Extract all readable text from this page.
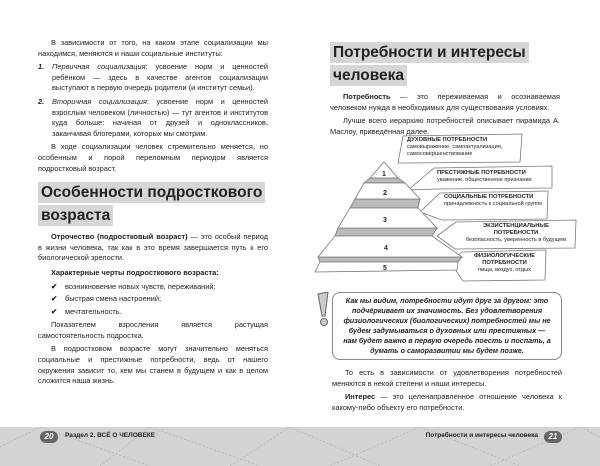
В зависимости от того, на каком этапе социализации мы находимся, меняются и наши социальные институты:
1. Первичная социализация: усвоение норм и ценностей ребёнком — здесь в качестве агентов социализации выступают в первую очередь родители (и институт семьи).
2. Вторичная социализация: усвоение норм и ценностей взрослым человеком (личностью) — тут агентов и институтов куда больше: начиная от друзей и одноклассников, заканчивая блогерами, которых мы смотрим.
В ходе социализации человек стремительно меняется, но особенным и порой переломным периодом является подростковый возраст.
Особенности подросткового
возраста
Отрочество (подростковый возраст) — это особый период в жизни человека, так как в это время завершается путь к его биологической зрелости.
Характерные черты подросткового возраста:
✔ возникновение новых чувств, переживаний;
✔ быстрая смена настроений;
✔ мечтательность.
Показателем взросления является растущая самостоятельность подростка.
В подростковом возрасте могут значительно меняться социальные и престижные потребности, ведь от нашего окружения зависит то, кем мы станем в будущем и как в целом сложится наша жизнь.
Потребности и интересы
человека
Потребность — это переживаемая и осознаваемая человеком нужда в необходимых для существования условиях.
Лучше всего иерархию потребностей описывает пирамида А. Маслоу, приведённая далее.
1
2
3
4
5
ДУХОВНЫЕ ПОТРЕБНОСТИ
самовыражение, самоактуализация, самосовершенствование
ПРЕСТИЖНЫЕ ПОТРЕБНОСТИ
уважение, общественное признание
СОЦИАЛЬНЫЕ ПОТРЕБНОСТИ
принадлежность к социальной группе
ЭКЗИСТЕНЦИАЛЬНЫЕ ПОТРЕБНОСТИ
безопасность, уверенность в будущем
ФИЗИОЛОГИЧЕСКИЕ ПОТРЕБНОСТИ
пища, воздух, отдых
Как мы видим, потребности идут друг за другом: это подчёркивает их значимость. Без удовлетворения физиологических (биологических) потребностей мы не будем задумываться о духовных или престижных — нам будет важно в первую очередь поесть и поспать, а думать о саморазвитии мы будем позже.
То есть в зависимости от удовлетворения потребностей меняются в некой степени и наши интересы.
Интерес — это целенаправленное отношение человека к какому-либо объекту его потребности.
20	Раздел 2. ВСЁ О ЧЕЛОВЕКЕ	Потребности и интересы человека	21
